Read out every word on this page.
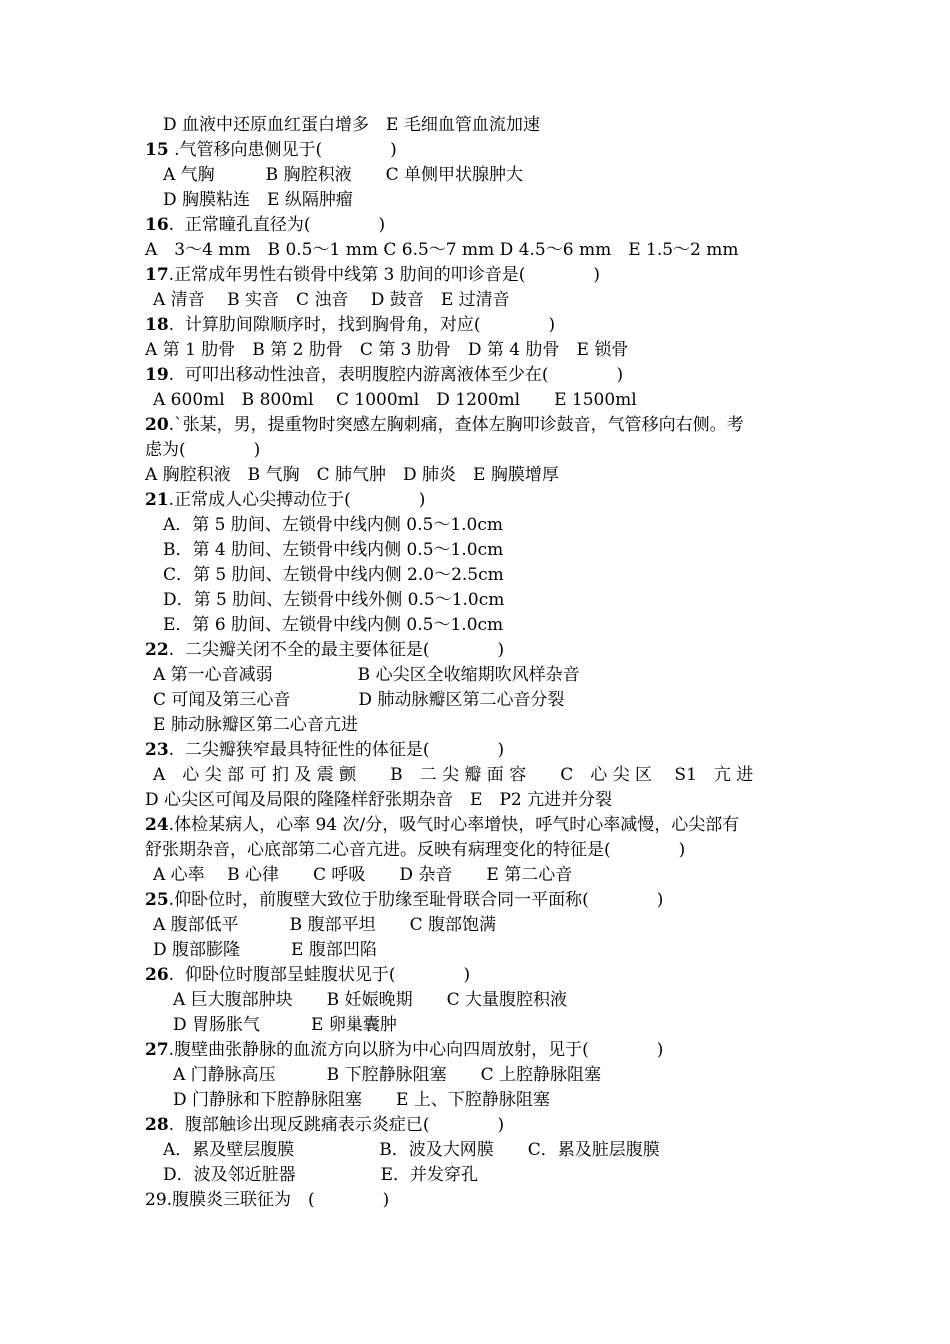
D 血液中还原血红蛋白增多　E 毛细血管血流加速
15 .气管移向患侧见于(　　　　)
A 气胸　　　B 胸腔积液　　C 单侧甲状腺肿大
D 胸膜粘连　E 纵隔肿瘤
16.  正常瞳孔直径为(　　　　)
A　3～4 mm　B 0.5～1 mm C 6.5～7 mm D 4.5～6 mm　E 1.5～2 mm
17.正常成年男性右锁骨中线第 3 肋间的叩诊音是(　　　　)
A 清音　 B 实音　C 浊音　 D 鼓音　E 过清音
18.  计算肋间隙顺序时，找到胸骨角，对应(　　　　)
A 第 1 肋骨　B 第 2 肋骨　C 第 3 肋骨　D 第 4 肋骨　E 锁骨
19.  可叩出移动性浊音，表明腹腔内游离液体至少在(　　　　)
A 600ml　B 800ml　 C 1000ml　D 1200ml　　E 1500ml
20.`张某，男，提重物时突感左胸刺痛，查体左胸叩诊鼓音，气管移向右侧。考
虑为(　　　　)
A 胸腔积液　B 气胸　C 肺气肿　D 肺炎　E 胸膜增厚
21.正常成人心尖搏动位于(　　　　)
A．第 5 肋间、左锁骨中线内侧 0.5～1.0cm
B．第 4 肋间、左锁骨中线内侧 0.5～1.0cm
C．第 5 肋间、左锁骨中线内侧 2.0～2.5cm
D．第 5 肋间、左锁骨中线外侧 0.5～1.0cm
E．第 6 肋间、左锁骨中线内侧 0.5～1.0cm
22.  二尖瓣关闭不全的最主要体征是(　　　　)
A 第一心音减弱　　　　　B 心尖区全收缩期吹风样杂音
C 可闻及第三心音　　　　D 肺动脉瓣区第二心音分裂
E 肺动脉瓣区第二心音亢进
23.  二尖瓣狭窄最具特征性的体征是(　　　　)
A　心 尖 部 可 扪 及 震 颤　　B　二 尖 瓣 面 容　　C　心 尖 区　 S1　亢 进
D 心尖区可闻及局限的隆隆样舒张期杂音　E　P2 亢进并分裂
24.体检某病人，心率 94 次/分，吸气时心率增快，呼气时心率减慢，心尖部有
舒张期杂音，心底部第二心音亢进。反映有病理变化的特征是(　　　　)
A 心率　 B 心律　　C 呼吸　　D 杂音　　E 第二心音
25.仰卧位时，前腹壁大致位于肋缘至耻骨联合同一平面称(　　　　)
A 腹部低平　　　B 腹部平坦　　C 腹部饱满
D 腹部膨隆　　　E 腹部凹陷
26.  仰卧位时腹部呈蛙腹状见于(　　　　)
A 巨大腹部肿块　　B 妊娠晚期　　C 大量腹腔积液
D 胃肠胀气　　　E 卵巢囊肿
27.腹壁曲张静脉的血流方向以脐为中心向四周放射，见于(　　　　)
A 门静脉高压　　　B 下腔静脉阻塞　　C 上腔静脉阻塞
D 门静脉和下腔静脉阻塞　　E 上、下腔静脉阻塞
28.  腹部触诊出现反跳痛表示炎症已(　　　　)
A．累及壁层腹膜　　　　　B．波及大网膜　　C．累及脏层腹膜
D．波及邻近脏器　　　　　E．并发穿孔
29.腹膜炎三联征为　(　　　　)
